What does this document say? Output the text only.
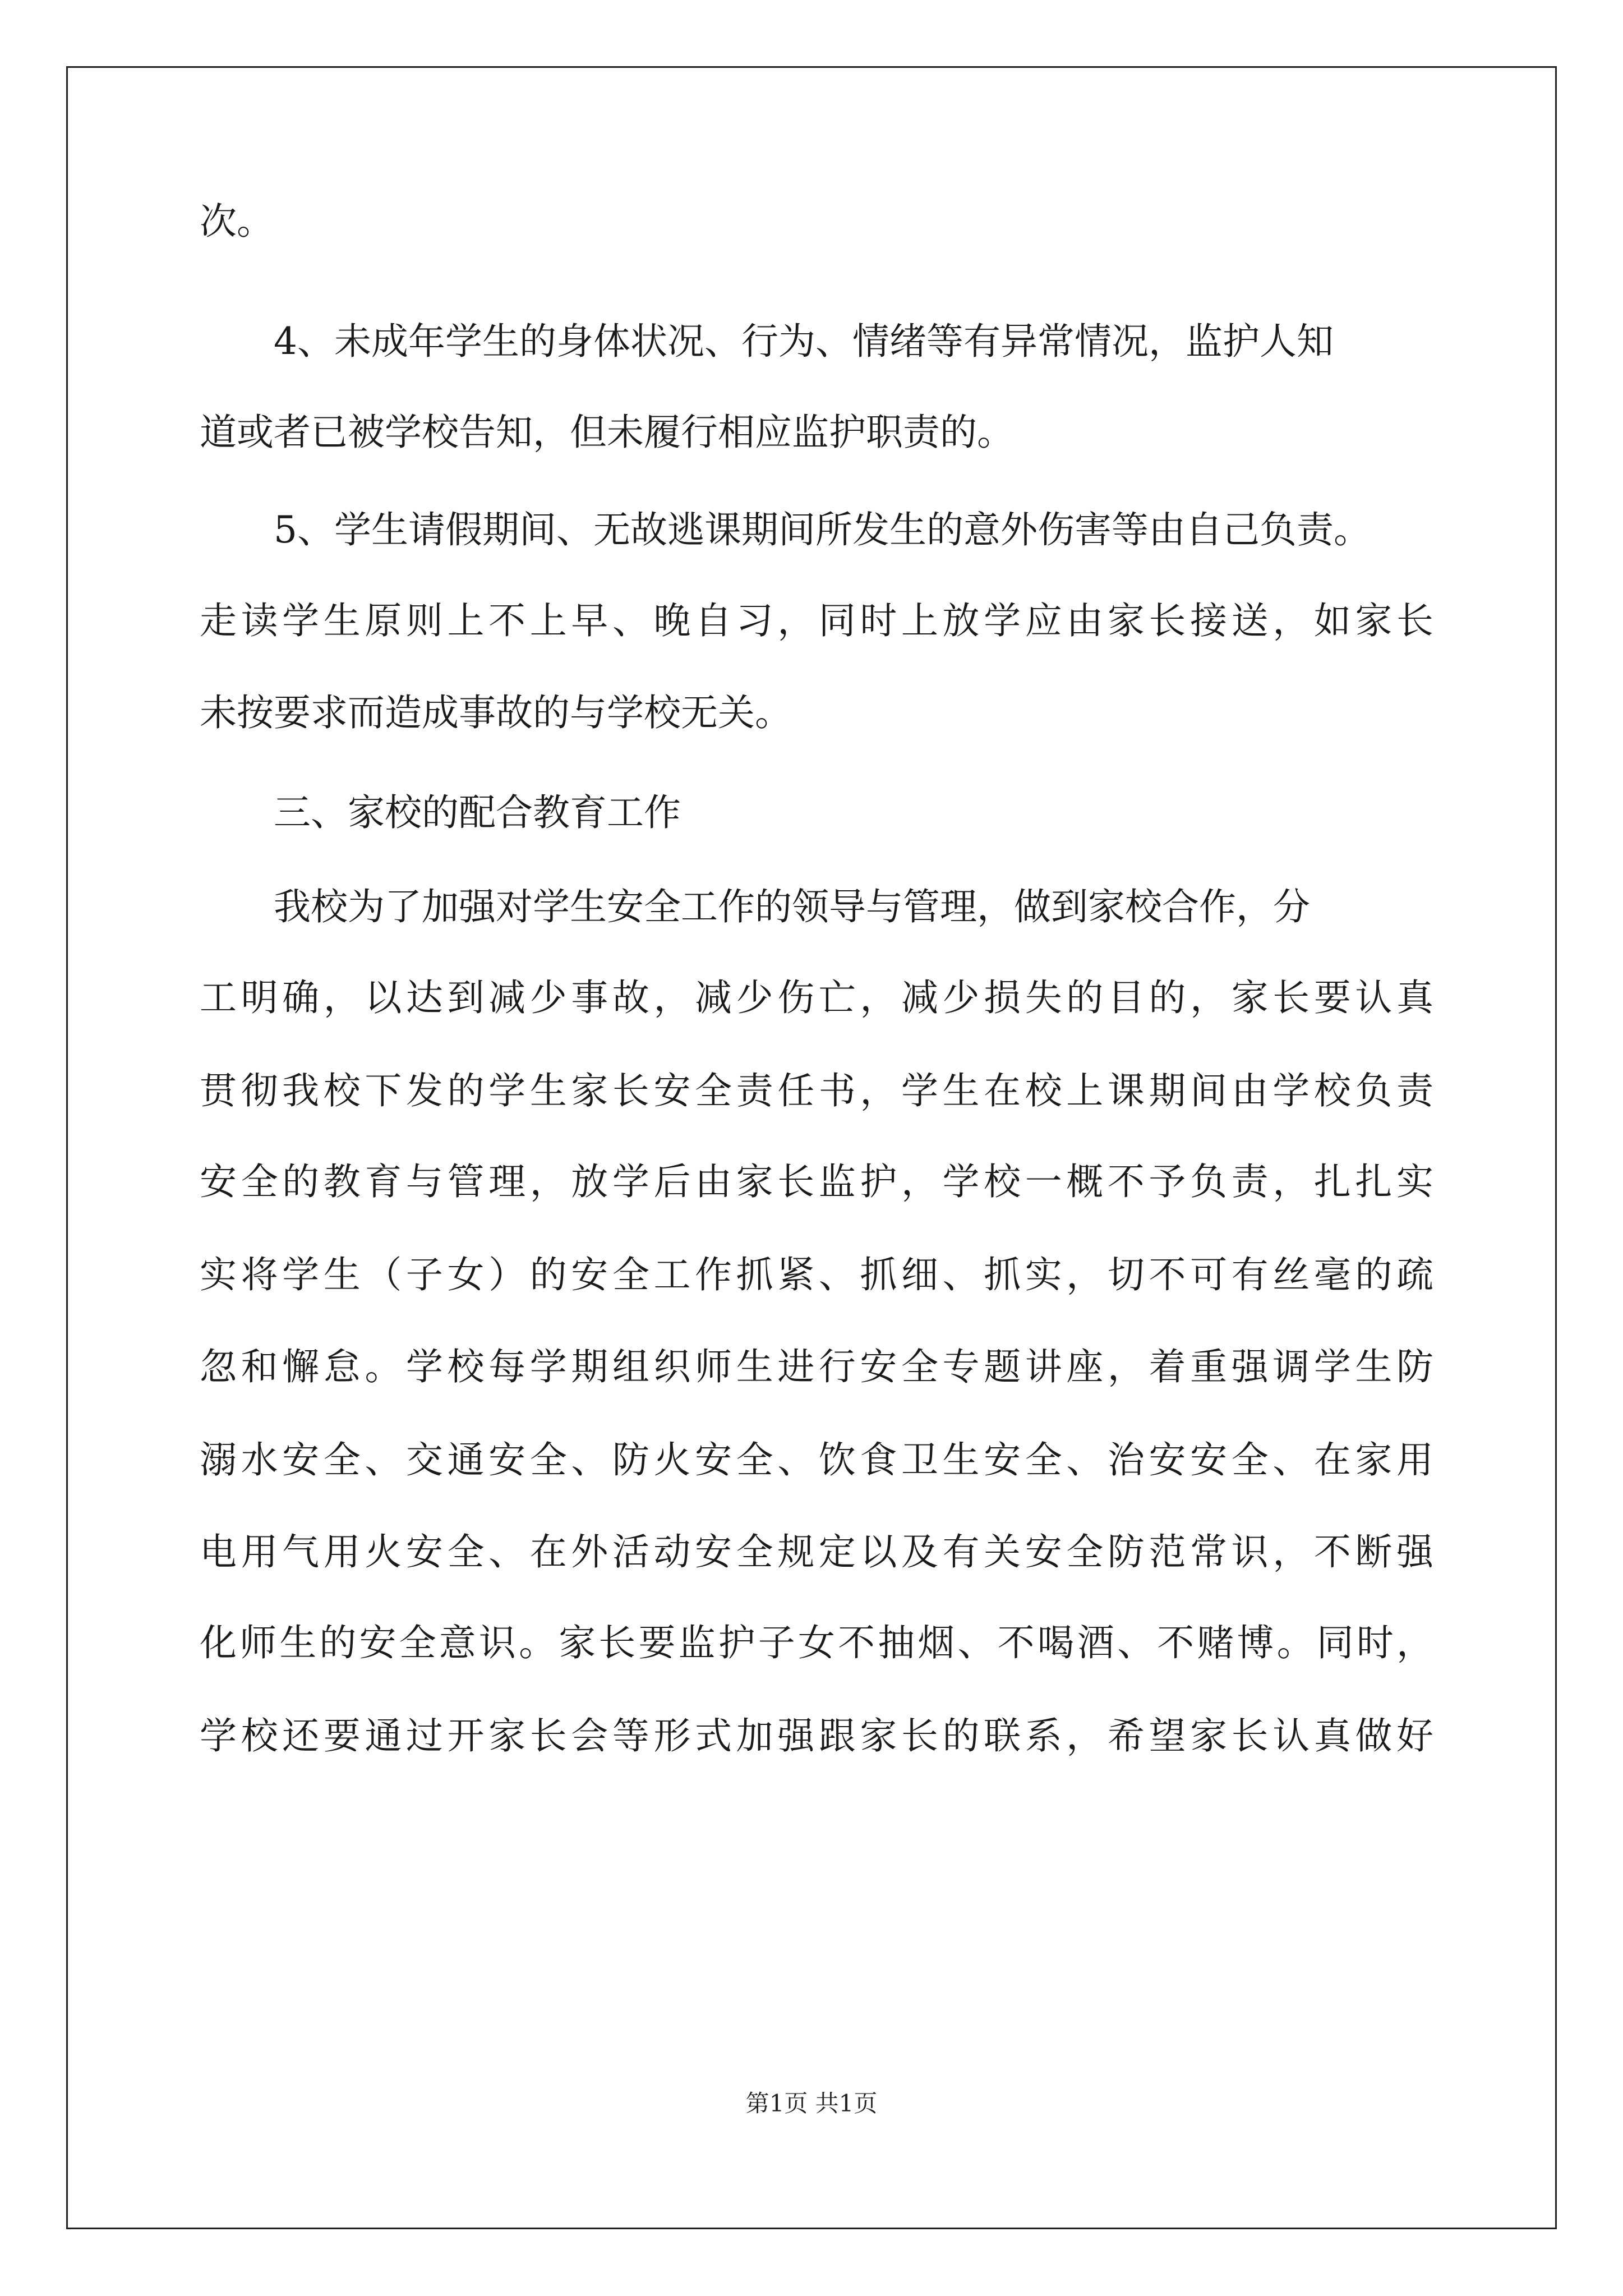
次。
4、未成年学生的身体状况、行为、情绪等有异常情况，监护人知
道或者已被学校告知，但未履行相应监护职责的。
5、学生请假期间、无故逃课期间所发生的意外伤害等由自己负责。
走读学生原则上不上早、晚自习，同时上放学应由家长接送，如家长
未按要求而造成事故的与学校无关。
三、家校的配合教育工作
我校为了加强对学生安全工作的领导与管理，做到家校合作，分
工明确，以达到减少事故，减少伤亡，减少损失的目的，家长要认真
贯彻我校下发的学生家长安全责任书，学生在校上课期间由学校负责
安全的教育与管理，放学后由家长监护，学校一概不予负责，扎扎实
实将学生（子女）的安全工作抓紧、抓细、抓实，切不可有丝毫的疏
忽和懈怠。学校每学期组织师生进行安全专题讲座，着重强调学生防
溺水安全、交通安全、防火安全、饮食卫生安全、治安安全、在家用
电用气用火安全、在外活动安全规定以及有关安全防范常识，不断强
化师生的安全意识。家长要监护子女不抽烟、不喝酒、不赌博。同时，
学校还要通过开家长会等形式加强跟家长的联系，希望家长认真做好
第1页 共1页
